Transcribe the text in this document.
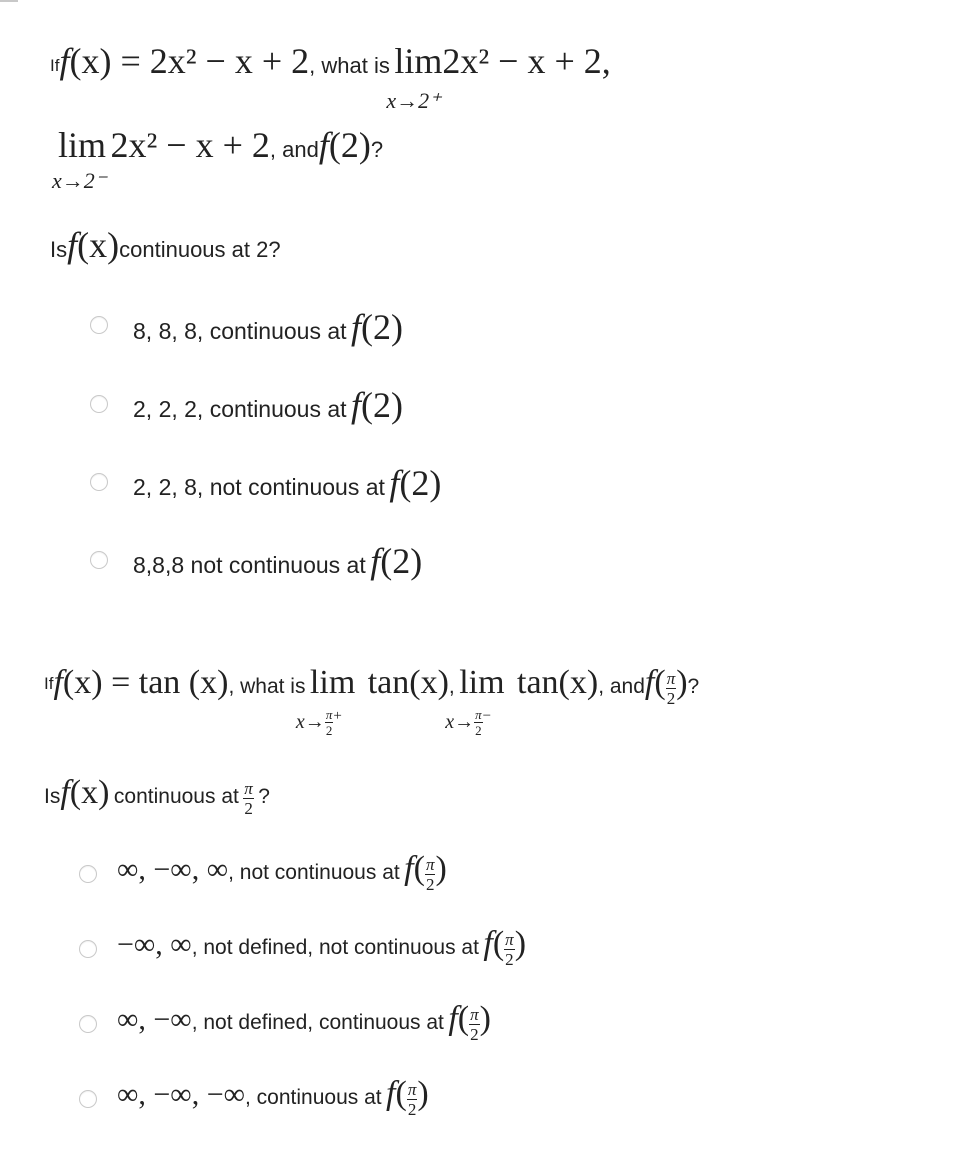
Iff(x) = 2x² − x + 2, what is lim
x→2⁺
2x² − x + 2,
lim
x→2⁻
2x² − x + 2, andf(2)?
Isf(x)continuous at 2?
8, 8, 8, continuous at f(2)
2, 2, 2, continuous at f(2)
2, 2, 8, not continuous at f(2)
8,8,8 not continuous at f(2)
Iff(x) = tan (x), what is lim
$x\to \frac{\pi}{2} ^+$
tan(x), lim
$x\to \frac{\pi}{2} ^-$
tan(x), andf( $\frac{\pi}{2}$ )?
Isf(x) continuous at $\frac{\pi}{2}$ ?
∞, −∞, ∞, not continuous at $f( \frac{\pi}{2}$ )
−∞, ∞, not defined, not continuous at $f( \frac{\pi}{2}$ )
∞, −∞, not defined, continuous at $f( \frac{\pi}{2}$ )
∞, −∞, −∞, continuous at $f( \frac{\pi}{2}$ )
